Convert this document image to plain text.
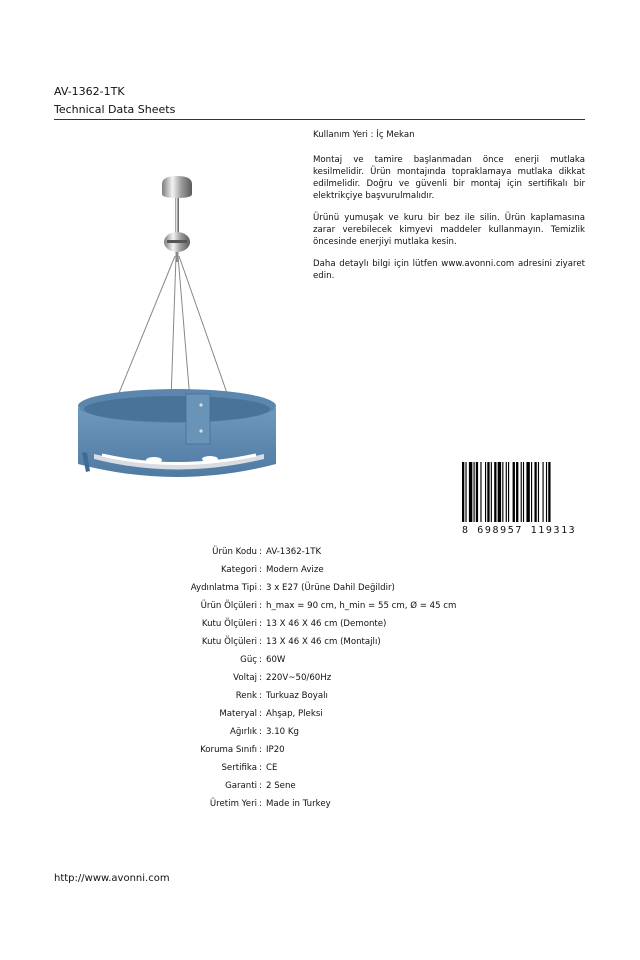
AV-1362-1TK
Technical Data Sheets

Kullanım Yeri : İç Mekan

Montaj ve tamire başlanmadan önce enerji mutlaka kesilmelidir. Ürün montajında topraklamaya mutlaka dikkat edilmelidir. Doğru ve güvenli bir montaj için sertifikalı bir elektrikçiye başvurulmalıdır.

Ürünü yumuşak ve kuru bir bez ile silin. Ürün kaplamasına zarar verebilecek kimyevi maddeler kullanmayın. Temizlik öncesinde enerjiyi mutlaka kesin.

Daha detaylı bilgi için lütfen www.avonni.com adresini ziyaret edin.

8 698957 119313
Ürün Kodu : AV-1362-1TK
Kategori : Modern Avize
Aydınlatma Tipi : 3 x E27 (Ürüne Dahil Değildir)
Ürün Ölçüleri : h_max = 90 cm, h_min = 55 cm, Ø = 45 cm
Kutu Ölçüleri : 13 X 46 X 46 cm (Demonte)
Kutu Ölçüleri : 13 X 46 X 46 cm (Montajlı)
Güç : 60W
Voltaj : 220V~50/60Hz
Renk : Turkuaz Boyalı
Materyal : Ahşap, Pleksi
Ağırlık : 3.10 Kg
Koruma Sınıfı : IP20
Sertifika : CE
Garanti : 2 Sene
Üretim Yeri : Made in Turkey
http://www.avonni.com
